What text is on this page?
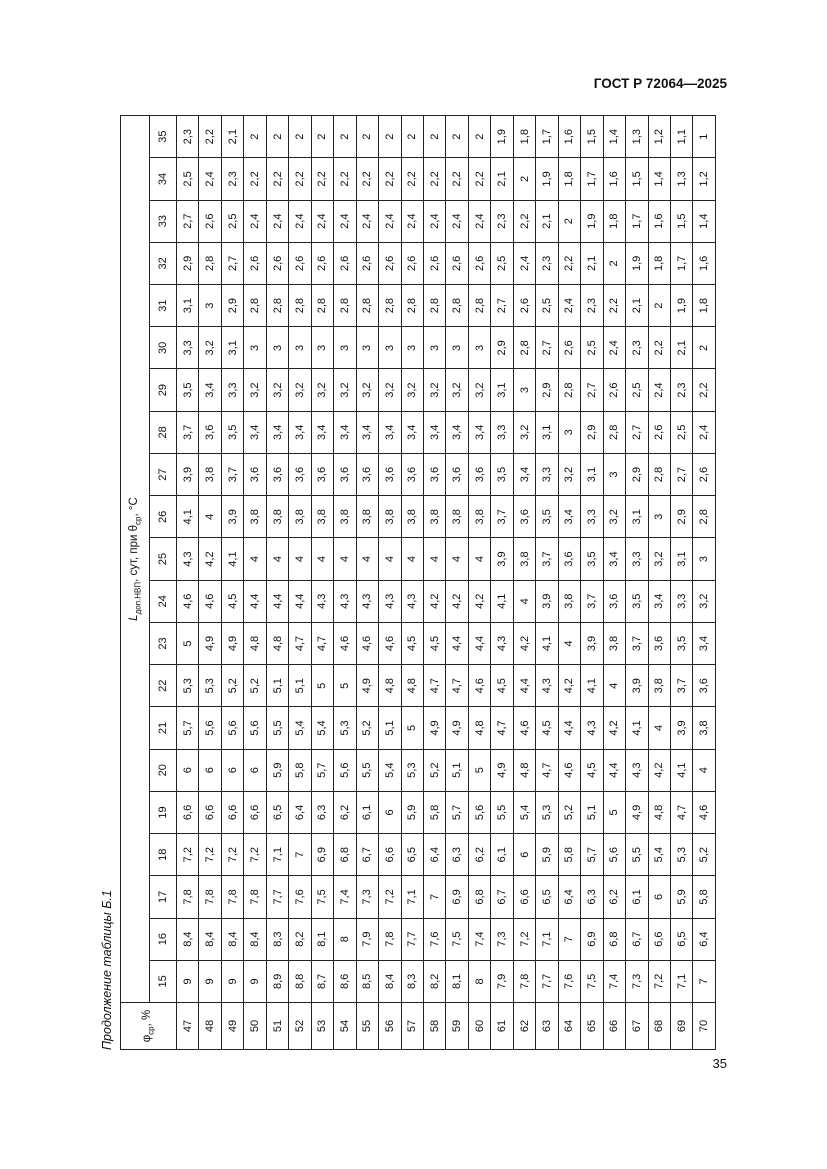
ГОСТ Р 72064—2025
35
Продолжение таблицы Б.1	$\varphi_{ср}$, %	$L_{доп.НВП}$, сут, при $\theta_{ср}$, °C																				
	15	16	17	18	19	20	21	22	23	24	25	26	27	28	29	30	31	32	33	34	35
47	9	8,4	7,8	7,2	6,6	6	5,7	5,3	5	4,6	4,3	4,1	3,9	3,7	3,5	3,3	3,1	2,9	2,7	2,5	2,3
48	9	8,4	7,8	7,2	6,6	6	5,6	5,3	4,9	4,6	4,2	4	3,8	3,6	3,4	3,2	3	2,8	2,6	2,4	2,2
49	9	8,4	7,8	7,2	6,6	6	5,6	5,2	4,9	4,5	4,1	3,9	3,7	3,5	3,3	3,1	2,9	2,7	2,5	2,3	2,1
50	9	8,4	7,8	7,2	6,6	6	5,6	5,2	4,8	4,4	4	3,8	3,6	3,4	3,2	3	2,8	2,6	2,4	2,2	2
51	8,9	8,3	7,7	7,1	6,5	5,9	5,5	5,1	4,8	4,4	4	3,8	3,6	3,4	3,2	3	2,8	2,6	2,4	2,2	2
52	8,8	8,2	7,6	7	6,4	5,8	5,4	5,1	4,7	4,4	4	3,8	3,6	3,4	3,2	3	2,8	2,6	2,4	2,2	2
53	8,7	8,1	7,5	6,9	6,3	5,7	5,4	5	4,7	4,3	4	3,8	3,6	3,4	3,2	3	2,8	2,6	2,4	2,2	2
54	8,6	8	7,4	6,8	6,2	5,6	5,3	5	4,6	4,3	4	3,8	3,6	3,4	3,2	3	2,8	2,6	2,4	2,2	2
55	8,5	7,9	7,3	6,7	6,1	5,5	5,2	4,9	4,6	4,3	4	3,8	3,6	3,4	3,2	3	2,8	2,6	2,4	2,2	2
56	8,4	7,8	7,2	6,6	6	5,4	5,1	4,8	4,6	4,3	4	3,8	3,6	3,4	3,2	3	2,8	2,6	2,4	2,2	2
57	8,3	7,7	7,1	6,5	5,9	5,3	5	4,8	4,5	4,3	4	3,8	3,6	3,4	3,2	3	2,8	2,6	2,4	2,2	2
58	8,2	7,6	7	6,4	5,8	5,2	4,9	4,7	4,5	4,2	4	3,8	3,6	3,4	3,2	3	2,8	2,6	2,4	2,2	2
59	8,1	7,5	6,9	6,3	5,7	5,1	4,9	4,7	4,4	4,2	4	3,8	3,6	3,4	3,2	3	2,8	2,6	2,4	2,2	2
60	8	7,4	6,8	6,2	5,6	5	4,8	4,6	4,4	4,2	4	3,8	3,6	3,4	3,2	3	2,8	2,6	2,4	2,2	2
61	7,9	7,3	6,7	6,1	5,5	4,9	4,7	4,5	4,3	4,1	3,9	3,7	3,5	3,3	3,1	2,9	2,7	2,5	2,3	2,1	1,9
62	7,8	7,2	6,6	6	5,4	4,8	4,6	4,4	4,2	4	3,8	3,6	3,4	3,2	3	2,8	2,6	2,4	2,2	2	1,8
63	7,7	7,1	6,5	5,9	5,3	4,7	4,5	4,3	4,1	3,9	3,7	3,5	3,3	3,1	2,9	2,7	2,5	2,3	2,1	1,9	1,7
64	7,6	7	6,4	5,8	5,2	4,6	4,4	4,2	4	3,8	3,6	3,4	3,2	3	2,8	2,6	2,4	2,2	2	1,8	1,6
65	7,5	6,9	6,3	5,7	5,1	4,5	4,3	4,1	3,9	3,7	3,5	3,3	3,1	2,9	2,7	2,5	2,3	2,1	1,9	1,7	1,5
66	7,4	6,8	6,2	5,6	5	4,4	4,2	4	3,8	3,6	3,4	3,2	3	2,8	2,6	2,4	2,2	2	1,8	1,6	1,4
67	7,3	6,7	6,1	5,5	4,9	4,3	4,1	3,9	3,7	3,5	3,3	3,1	2,9	2,7	2,5	2,3	2,1	1,9	1,7	1,5	1,3
68	7,2	6,6	6	5,4	4,8	4,2	4	3,8	3,6	3,4	3,2	3	2,8	2,6	2,4	2,2	2	1,8	1,6	1,4	1,2
69	7,1	6,5	5,9	5,3	4,7	4,1	3,9	3,7	3,5	3,3	3,1	2,9	2,7	2,5	2,3	2,1	1,9	1,7	1,5	1,3	1,1
70	7	6,4	5,8	5,2	4,6	4	3,8	3,6	3,4	3,2	3	2,8	2,6	2,4	2,2	2	1,8	1,6	1,4	1,2	1
